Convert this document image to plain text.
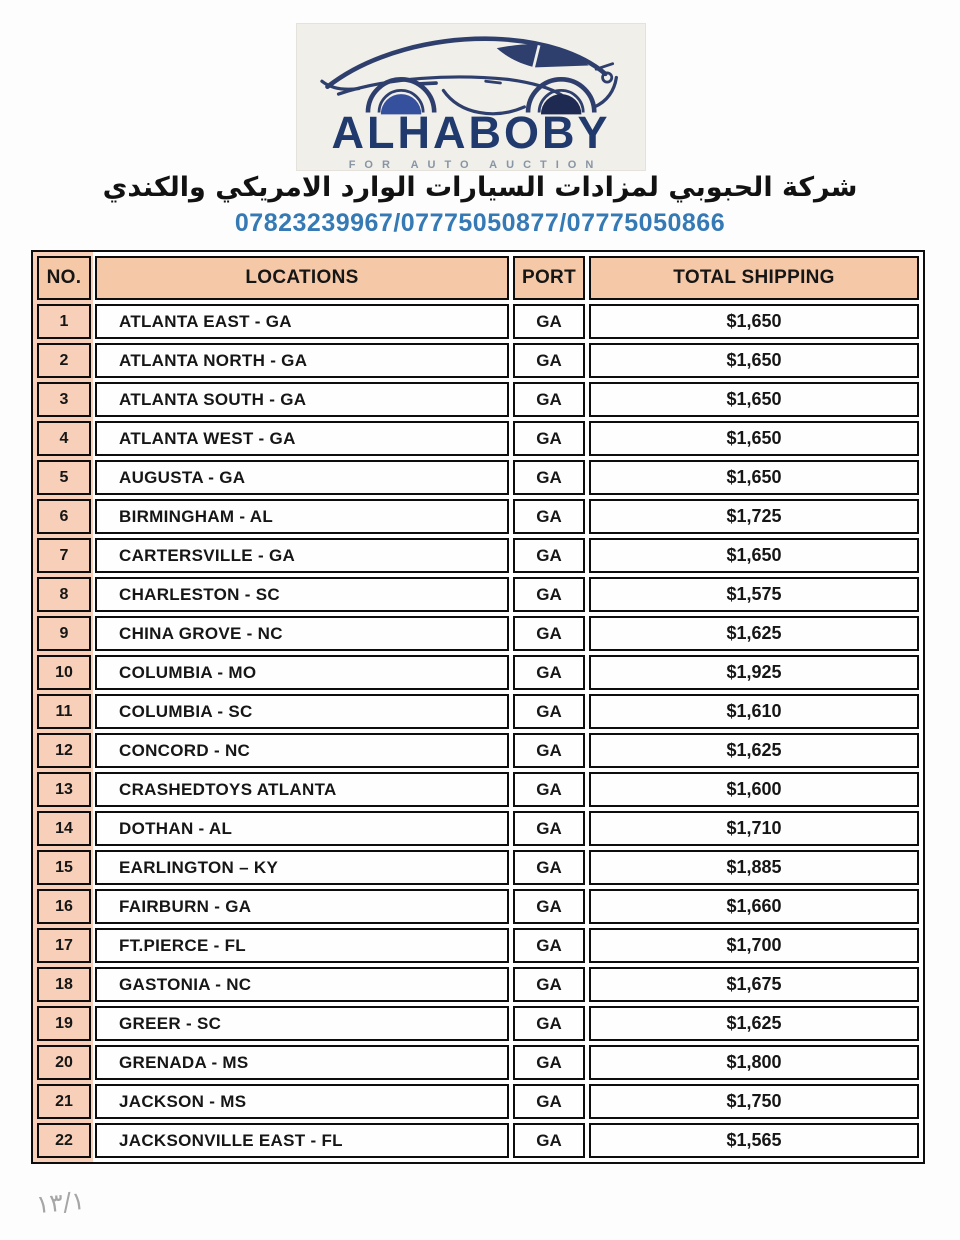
ALHABOBY
FOR AUTO AUCTION
شركة الحبوبي لمزادات السيارات الوارد الامريكي والكندي
07823239967/07775050877/07775050866
NO.	LOCATIONS	PORT	TOTAL SHIPPING
1	ATLANTA EAST - GA	GA	$1,650
2	ATLANTA NORTH - GA	GA	$1,650
3	ATLANTA SOUTH - GA	GA	$1,650
4	ATLANTA WEST - GA	GA	$1,650
5	AUGUSTA - GA	GA	$1,650
6	BIRMINGHAM - AL	GA	$1,725
7	CARTERSVILLE - GA	GA	$1,650
8	CHARLESTON - SC	GA	$1,575
9	CHINA GROVE - NC	GA	$1,625
10	COLUMBIA - MO	GA	$1,925
11	COLUMBIA - SC	GA	$1,610
12	CONCORD - NC	GA	$1,625
13	CRASHEDTOYS ATLANTA	GA	$1,600
14	DOTHAN - AL	GA	$1,710
15	EARLINGTON – KY	GA	$1,885
16	FAIRBURN - GA	GA	$1,660
17	FT.PIERCE - FL	GA	$1,700
18	GASTONIA - NC	GA	$1,675
19	GREER - SC	GA	$1,625
20	GRENADA - MS	GA	$1,800
21	JACKSON - MS	GA	$1,750
22	JACKSONVILLE EAST - FL	GA	$1,565
١٣/١
